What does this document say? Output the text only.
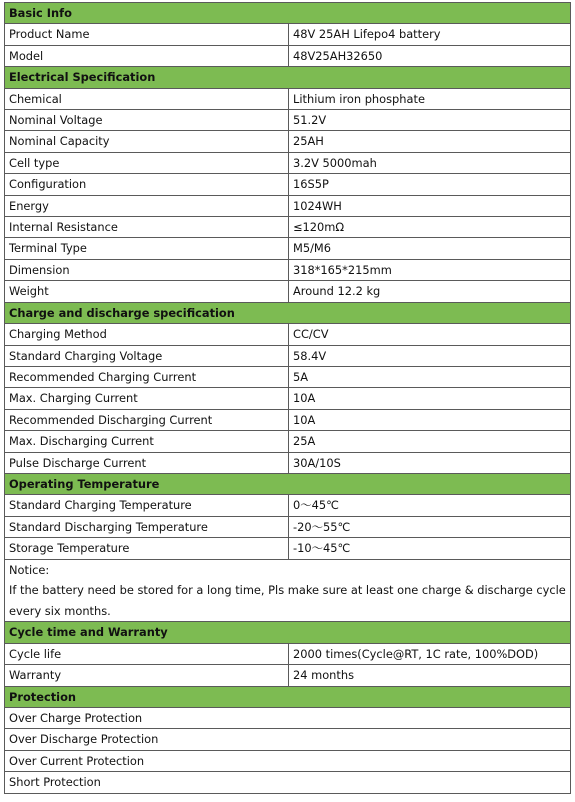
Basic Info	
Product Name	48V 25AH Lifepo4 battery
Model	48V25AH32650
Electrical Specification	
Chemical	Lithium iron phosphate
Nominal Voltage	51.2V
Nominal Capacity	25AH
Cell type	3.2V 5000mah
Configuration	16S5P
Energy	1024WH
Internal Resistance	≤120mΩ
Terminal Type	M5/M6
Dimension	318*165*215mm
Weight	Around 12.2 kg
Charge and discharge specification	
Charging Method	CC/CV
Standard Charging Voltage	58.4V
Recommended Charging Current	5A
Max. Charging Current	10A
Recommended Discharging Current	10A
Max. Discharging Current	25A
Pulse Discharge Current	30A/10S
Operating Temperature	
Standard Charging Temperature	0～45℃
Standard Discharging Temperature	-20～55℃
Storage Temperature	-10～45℃

Notice:
If the battery need be stored for a long time, Pls make sure at least one charge & discharge cycle every six months.	

Cycle time and Warranty	
Cycle life	2000 times(Cycle@RT, 1C rate, 100%DOD)
Warranty	24 months
Protection	
Over Charge Protection	
Over Discharge Protection	
Over Current Protection	
Short Protection	
